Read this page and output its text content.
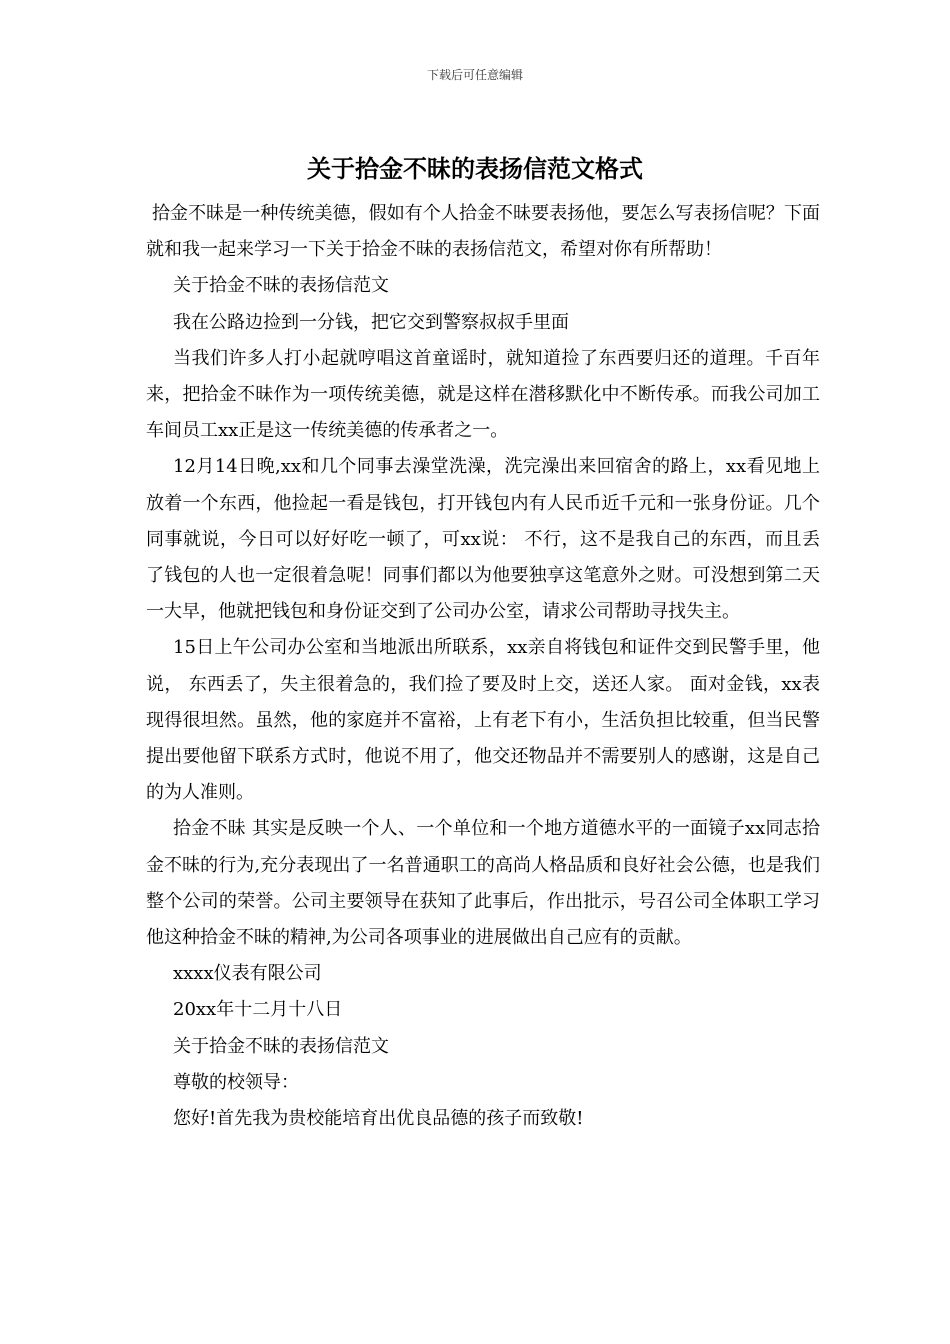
下载后可任意编辑
关于拾金不昧的表扬信范文格式

拾金不昧是一种传统美德，假如有个人拾金不昧要表扬他，要怎么写表扬信呢？下面就和我一起来学习一下关于拾金不昧的表扬信范文，希望对你有所帮助！

关于拾金不昧的表扬信范文

我在公路边捡到一分钱，把它交到警察叔叔手里面

当我们许多人打小起就哼唱这首童谣时，就知道捡了东西要归还的道理。千百年来，把拾金不昧作为一项传统美德，就是这样在潜移默化中不断传承。而我公司加工车间员工xx正是这一传统美德的传承者之一。

12月14日晚,xx和几个同事去澡堂洗澡，洗完澡出来回宿舍的路上，xx看见地上放着一个东西，他捡起一看是钱包，打开钱包内有人民币近千元和一张身份证。几个同事就说，今日可以好好吃一顿了，可xx说： 不行，这不是我自己的东西，而且丢了钱包的人也一定很着急呢！同事们都以为他要独享这笔意外之财。可没想到第二天一大早，他就把钱包和身份证交到了公司办公室，请求公司帮助寻找失主。

15日上午公司办公室和当地派出所联系，xx亲自将钱包和证件交到民警手里，他说， 东西丢了，失主很着急的，我们捡了要及时上交，送还人家。 面对金钱，xx表现得很坦然。虽然，他的家庭并不富裕，上有老下有小，生活负担比较重，但当民警提出要他留下联系方式时，他说不用了，他交还物品并不需要别人的感谢，这是自己的为人准则。

拾金不昧 其实是反映一个人、一个单位和一个地方道德水平的一面镜子xx同志拾金不昧的行为,充分表现出了一名普通职工的高尚人格品质和良好社会公德，也是我们整个公司的荣誉。公司主要领导在获知了此事后，作出批示，号召公司全体职工学习他这种拾金不昧的精神,为公司各项事业的进展做出自己应有的贡献。

xxxx仪表有限公司

20xx年十二月十八日

关于拾金不昧的表扬信范文

尊敬的校领导：

您好!首先我为贵校能培育出优良品德的孩子而致敬!
